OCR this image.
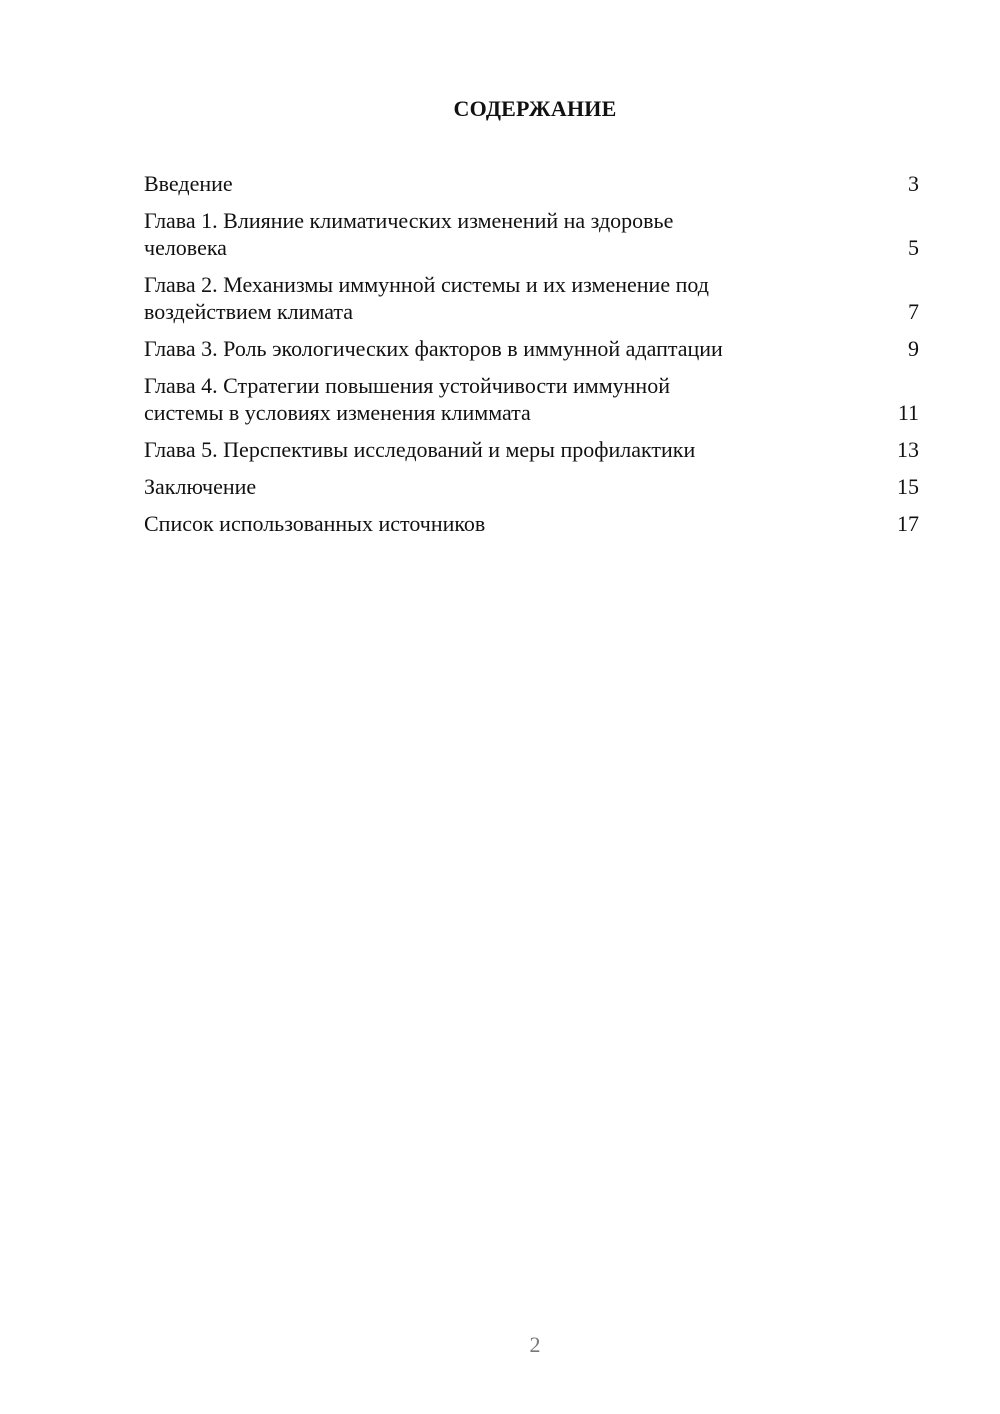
СОДЕРЖАНИЕ
Введение	3
Глава 1. Влияние климатических изменений на здоровье человека	5
Глава 2. Механизмы иммунной системы и их изменение под воздействием климата	7
Глава 3. Роль экологических факторов в иммунной адаптации	9
Глава 4. Стратегии повышения устойчивости иммунной системы в условиях изменения климмата	11
Глава 5. Перспективы исследований и меры профилактики	13
Заключение	15
Список использованных источников	17
2
